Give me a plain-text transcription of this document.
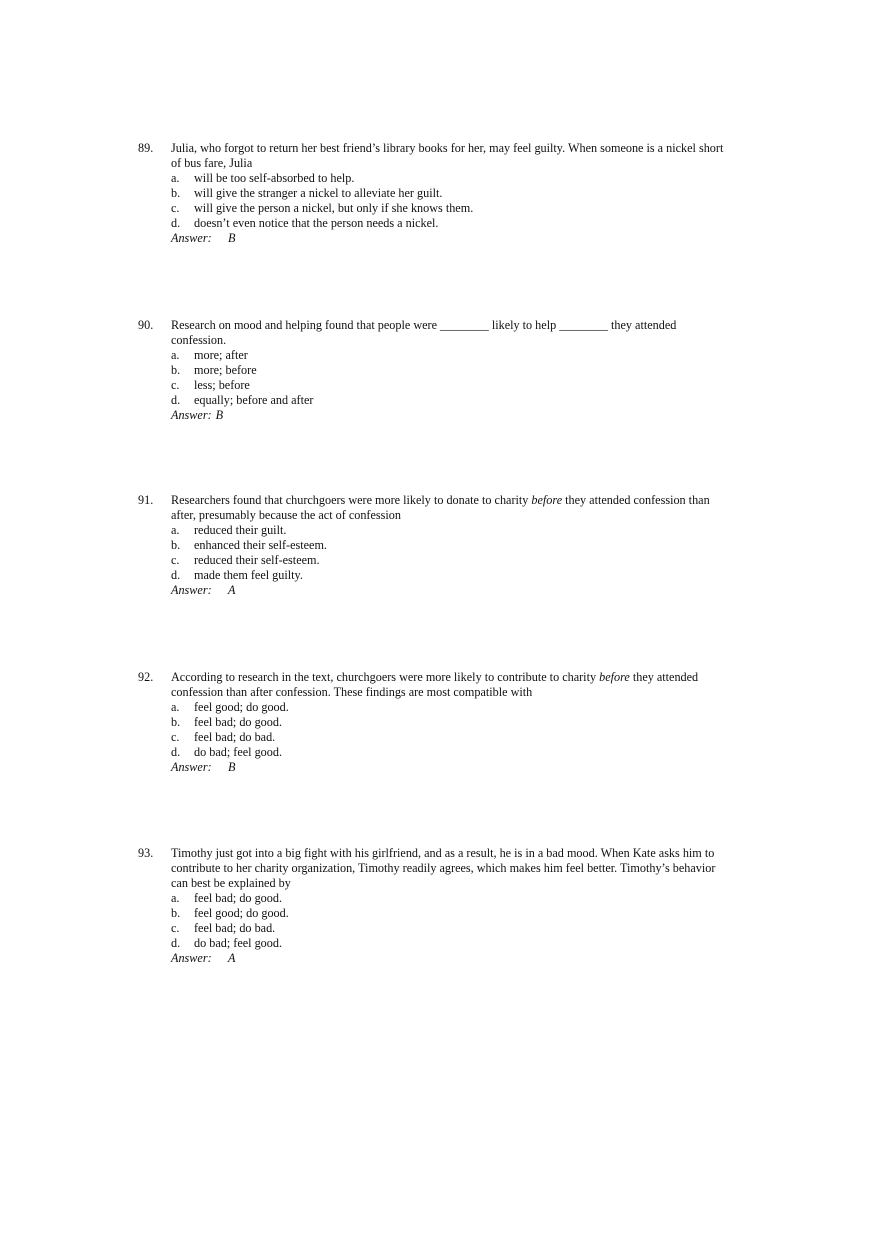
89. Julia, who forgot to return her best friend’s library books for her, may feel guilty. When someone is a nickel short
of bus fare, Julia
a. will be too self-absorbed to help.
b. will give the stranger a nickel to alleviate her guilt.
c. will give the person a nickel, but only if she knows them.
d. doesn’t even notice that the person needs a nickel.
Answer: B
90. Research on mood and helping found that people were ________ likely to help ________ they attended
confession.
a. more; after
b. more; before
c. less; before
d. equally; before and after
Answer: B
91. Researchers found that churchgoers were more likely to donate to charity before they attended confession than
after, presumably because the act of confession
a. reduced their guilt.
b. enhanced their self-esteem.
c. reduced their self-esteem.
d. made them feel guilty.
Answer: A
92. According to research in the text, churchgoers were more likely to contribute to charity before they attended
confession than after confession. These findings are most compatible with
a. feel good; do good.
b. feel bad; do good.
c. feel bad; do bad.
d. do bad; feel good.
Answer: B
93. Timothy just got into a big fight with his girlfriend, and as a result, he is in a bad mood. When Kate asks him to
contribute to her charity organization, Timothy readily agrees, which makes him feel better. Timothy’s behavior
can best be explained by
a. feel bad; do good.
b. feel good; do good.
c. feel bad; do bad.
d. do bad; feel good.
Answer: A
